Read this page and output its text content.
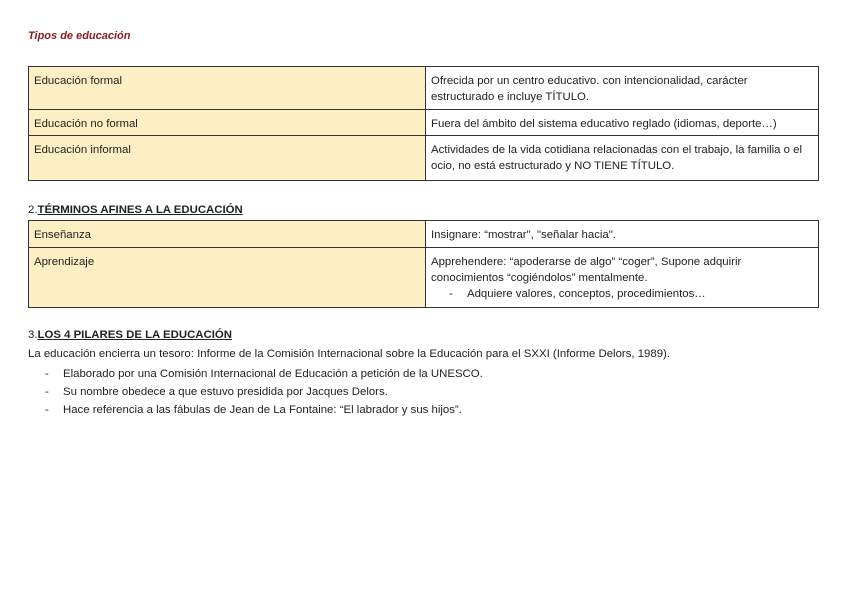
Tipos de educación

Educación formal	Ofrecida por un centro educativo. con intencionalidad, carácter estructurado e incluye TÍTULO.
Educación no formal	Fuera del ámbito del sistema educativo reglado (idiomas, deporte…)
Educación informal	Actividades de la vida cotidiana relacionadas con el trabajo, la familia o el ocio, no está estructurado y NO TIENE TÍTULO.

2.TÉRMINOS AFINES A LA EDUCACIÓN

Enseñanza	Insignare: “mostrar", "señalar hacia".
Aprendizaje	Apprehendere: “apoderarse de algo” “coger”, Supone adquirir conocimientos “cogiéndolos” mentalmente.
- Adquiere valores, conceptos, procedimientos…

3.LOS 4 PILARES DE LA EDUCACIÓN

La educación encierra un tesoro: Informe de la Comisión Internacional sobre la Educación para el SXXI (Informe Delors, 1989).

- Elaborado por una Comisión Internacional de Educación a petición de la UNESCO.
- Su nombre obedece a que estuvo presidida por Jacques Delors.
- Hace referencia a las fábulas de Jean de La Fontaine: “El labrador y sus hijos”.
